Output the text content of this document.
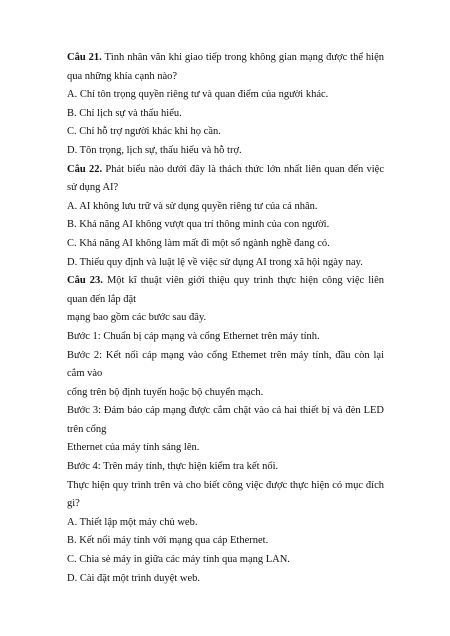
Câu 21. Tình nhân văn khi giao tiếp trong không gian mạng được thể hiện qua những khía cạnh nào?
A. Chỉ tôn trọng quyền riêng tư và quan điểm của người khác.
B. Chỉ lịch sự và thấu hiểu.
C. Chỉ hỗ trợ người khác khi họ cần.
D. Tôn trọng, lịch sự, thấu hiểu và hỗ trợ.
Câu 22. Phát biểu nào dưới đây là thách thức lớn nhất liên quan đến việc sử dụng AI?
A. AI không lưu trữ và sử dụng quyền riêng tư của cá nhân.
B. Khả năng AI không vượt qua trí thông minh của con người.
C. Khả năng AI không làm mất đi một số ngành nghề đang có.
D. Thiếu quy định và luật lệ về việc sử dụng AI trong xã hội ngày nay.
Câu 23. Một kĩ thuật viên giới thiệu quy trình thực hiện công việc liên quan đến lắp đặt
mạng bao gồm các bước sau đây.
Bước 1: Chuẩn bị cáp mạng và cổng Ethernet trên máy tính.
Bước 2: Kết nối cáp mạng vào cổng Ethemet trên máy tính, đầu còn lại cắm vào
cổng trên bộ định tuyến hoặc bộ chuyển mạch.
Bước 3: Đảm bảo cáp mạng được cắm chặt vào cả hai thiết bị và đèn LED trên cổng
Ethernet của máy tính sáng lên.
Bước 4: Trên máy tính, thực hiện kiểm tra kết nối.
Thực hiện quy trình trên và cho biết công việc được thực hiện có mục đích gì?
A. Thiết lập một máy chủ web.
B. Kết nối máy tính với mạng qua cáp Ethernet.
C. Chia sẻ máy in giữa các máy tính qua mạng LAN.
D. Cài đặt một trình duyệt web.
